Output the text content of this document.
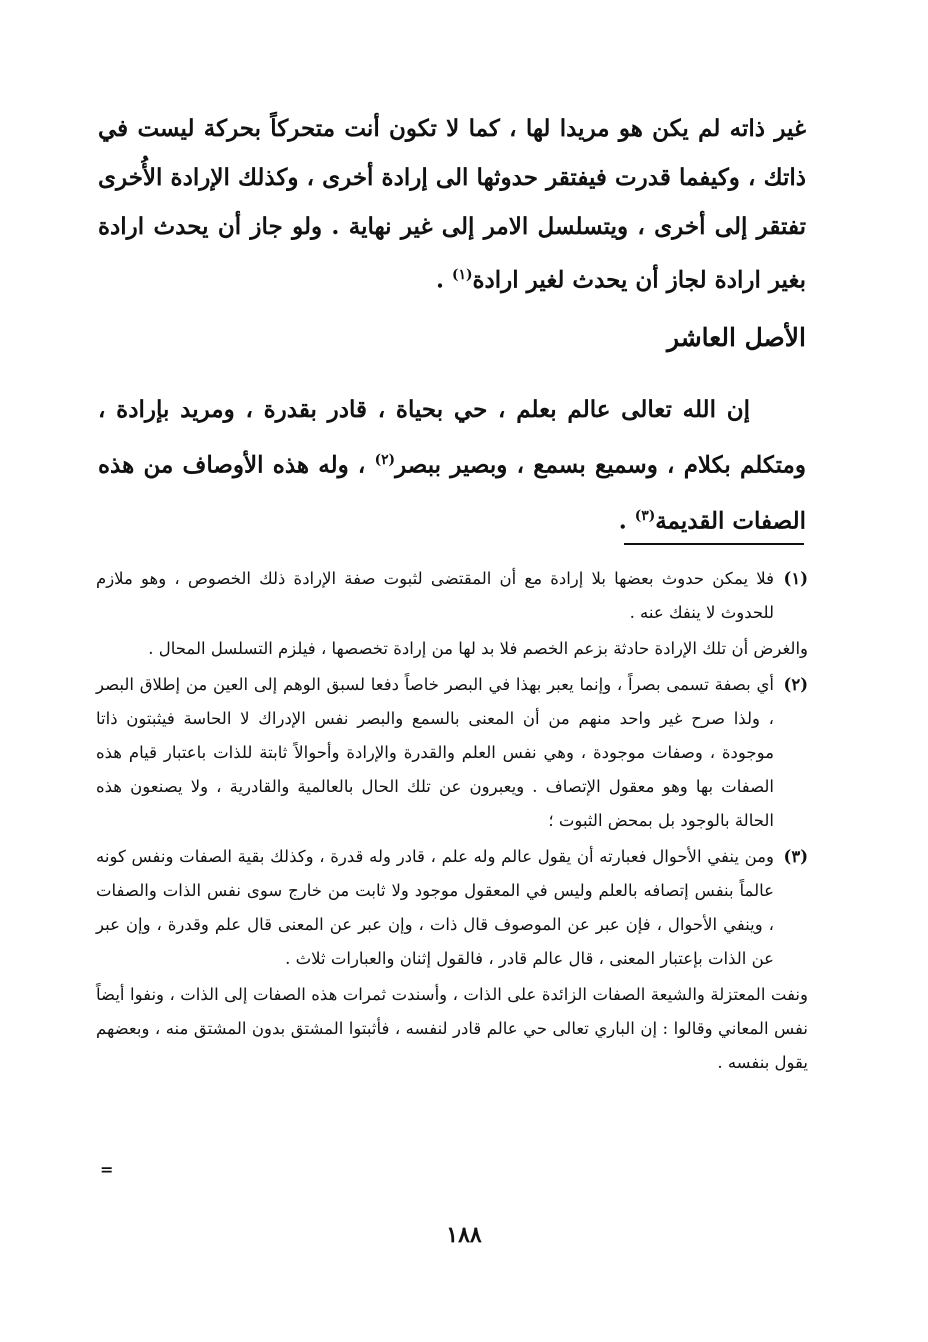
غير ذاته لم يكن هو مريدا لها ، كما لا تكون أنت متحركاً بحركة ليست في ذاتك ، وكيفما قدرت فيفتقر حدوثها الى إرادة أخرى ، وكذلك الإرادة الأُخرى تفتقر إلى أخرى ، ويتسلسل الامر إلى غير نهاية . ولو جاز أن يحدث ارادة بغير ارادة لجاز أن يحدث لغير ارادة$^{(١)}$ .

الأصل العاشر

إن الله تعالى عالم بعلم ، حي بحياة ، قادر بقدرة ، ومريد بإرادة ، ومتكلم بكلام ، وسميع بسمع ، وبصير ببصر$^{(٢)}$ ، وله هذه الأوصاف من هذه الصفات القديمة$^{(٣)}$ .

(١)
فلا يمكن حدوث بعضها بلا إرادة مع أن المقتضى لثبوت صفة الإرادة ذلك الخصوص ، وهو ملازم للحدوث لا ينفك عنه .

والغرض أن تلك الإرادة حادثة بزعم الخصم فلا بد لها من إرادة تخصصها ، فيلزم التسلسل المحال .

(٢)
أي بصفة تسمى بصراً ، وإنما يعبر بهذا في البصر خاصاً دفعا لسبق الوهم إلى العين من إطلاق البصر ، ولذا صرح غير واحد منهم من أن المعنى بالسمع والبصر نفس الإدراك لا الحاسة فيثبتون ذاتا موجودة ، وصفات موجودة ، وهي نفس العلم والقدرة والإرادة وأحوالاً ثابتة للذات باعتبار قيام هذه الصفات بها وهو معقول الإتصاف . ويعبرون عن تلك الحال بالعالمية والقادرية ، ولا يصنعون هذه الحالة بالوجود بل بمحض الثبوت ؛

(٣)
ومن ينفي الأحوال فعبارته أن يقول عالم وله علم ، قادر وله قدرة ، وكذلك بقية الصفات ونفس كونه عالماً بنفس إتصافه بالعلم وليس في المعقول موجود ولا ثابت من خارج سوى نفس الذات والصفات ، وينفي الأحوال ، فإن عبر عن الموصوف قال ذات ، وإن عبر عن المعنى قال علم وقدرة ، وإن عبر عن الذات بإعتبار المعنى ، قال عالم قادر ، فالقول إثنان والعبارات ثلاث .

ونفت المعتزلة والشيعة الصفات الزائدة على الذات ، وأسندت ثمرات هذه الصفات إلى الذات ، ونفوا أيضاً نفس المعاني وقالوا : إن الباري تعالى حي عالم قادر لنفسه ، فأثبتوا المشتق بدون المشتق منه ، وبعضهم يقول بنفسه .

=
١٨٨
